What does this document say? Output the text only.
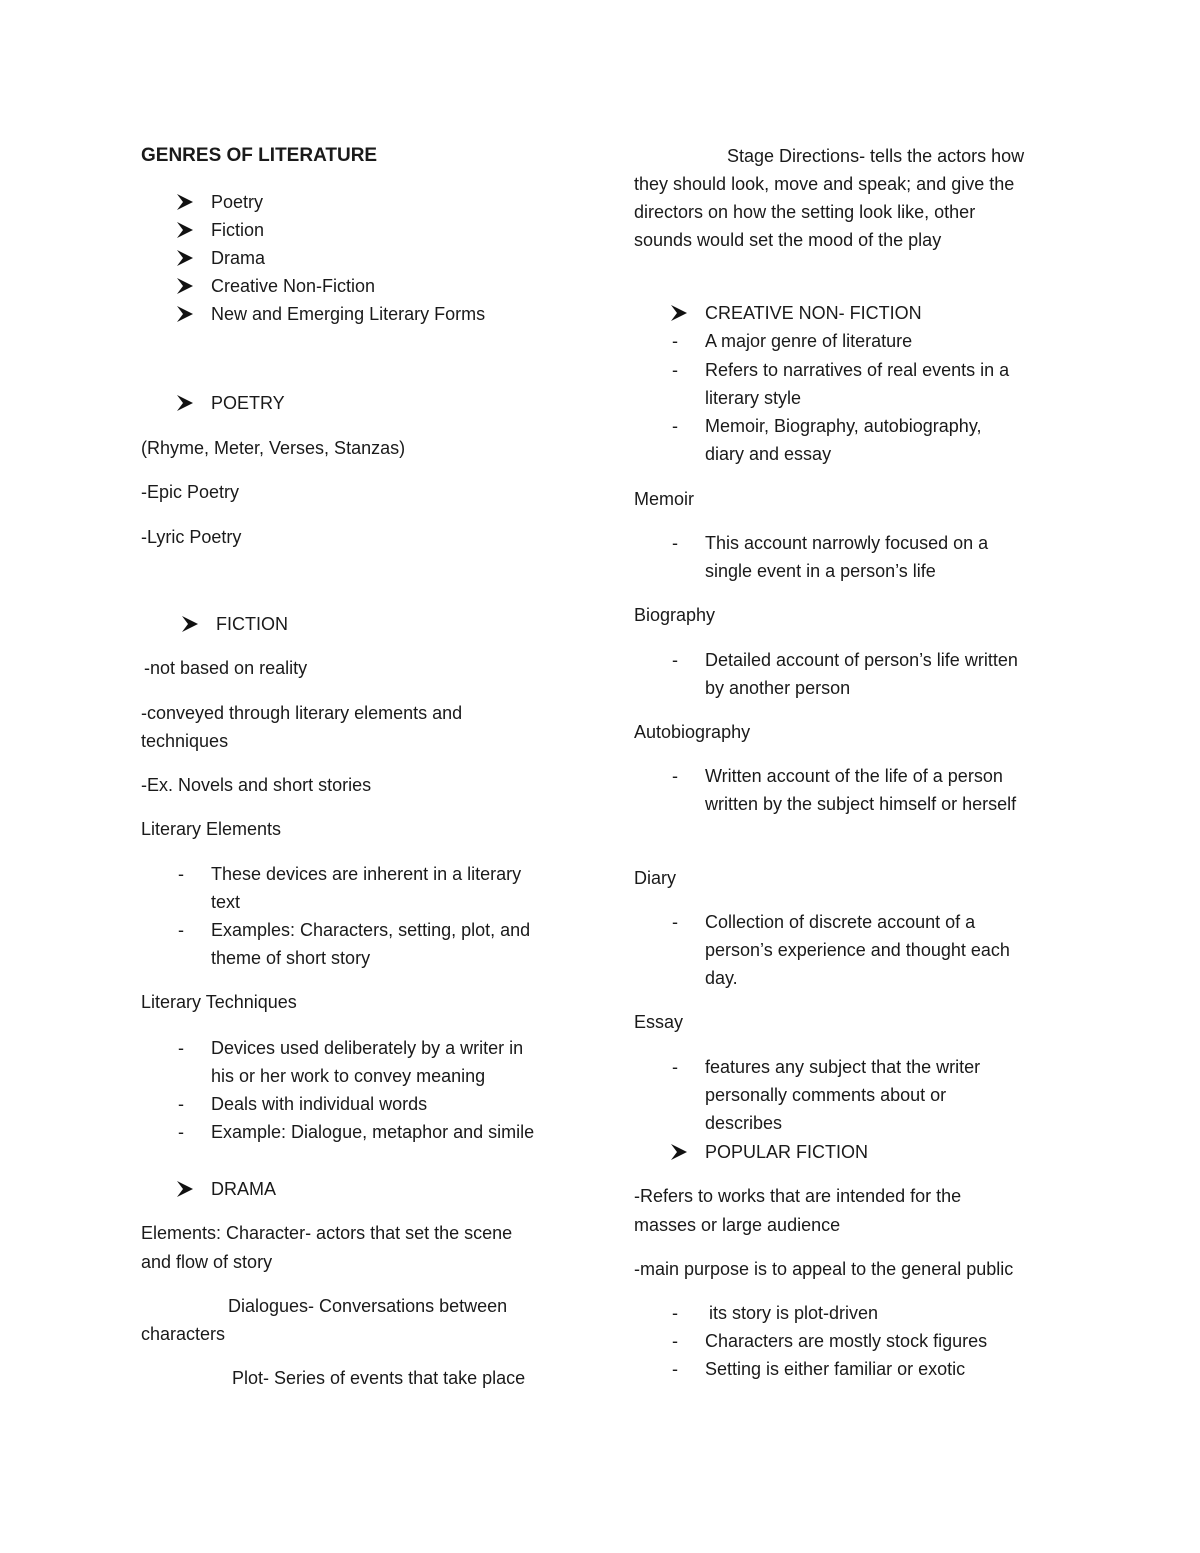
GENRES OF LITERATURE
Poetry
Fiction
Drama
Creative Non-Fiction
New and Emerging Literary Forms
POETRY
(Rhyme, Meter, Verses, Stanzas)
-Epic Poetry
-Lyric Poetry
FICTION
-not based on reality
-conveyed through literary elements and
techniques
-Ex. Novels and short stories
Literary Elements
- These devices are inherent in a literary
text
- Examples: Characters, setting, plot, and
theme of short story
Literary Techniques
- Devices used deliberately by a writer in
his or her work to convey meaning
- Deals with individual words
- Example: Dialogue, metaphor and simile
DRAMA
Elements: Character- actors that set the scene
and flow of story
Dialogues- Conversations between
characters
Plot- Series of events that take place
Stage Directions- tells the actors how
they should look, move and speak; and give the
directors on how the setting look like, other
sounds would set the mood of the play
CREATIVE NON- FICTION
- A major genre of literature
- Refers to narratives of real events in a
literary style
- Memoir, Biography, autobiography,
diary and essay
Memoir
- This account narrowly focused on a
single event in a person’s life
Biography
- Detailed account of person’s life written
by another person
Autobiography
- Written account of the life of a person
written by the subject himself or herself
Diary
- Collection of discrete account of a
person’s experience and thought each
day.
Essay
- features any subject that the writer
personally comments about or
describes
POPULAR FICTION
-Refers to works that are intended for the
masses or large audience
-main purpose is to appeal to the general public
- its story is plot-driven
- Characters are mostly stock figures
- Setting is either familiar or exotic
